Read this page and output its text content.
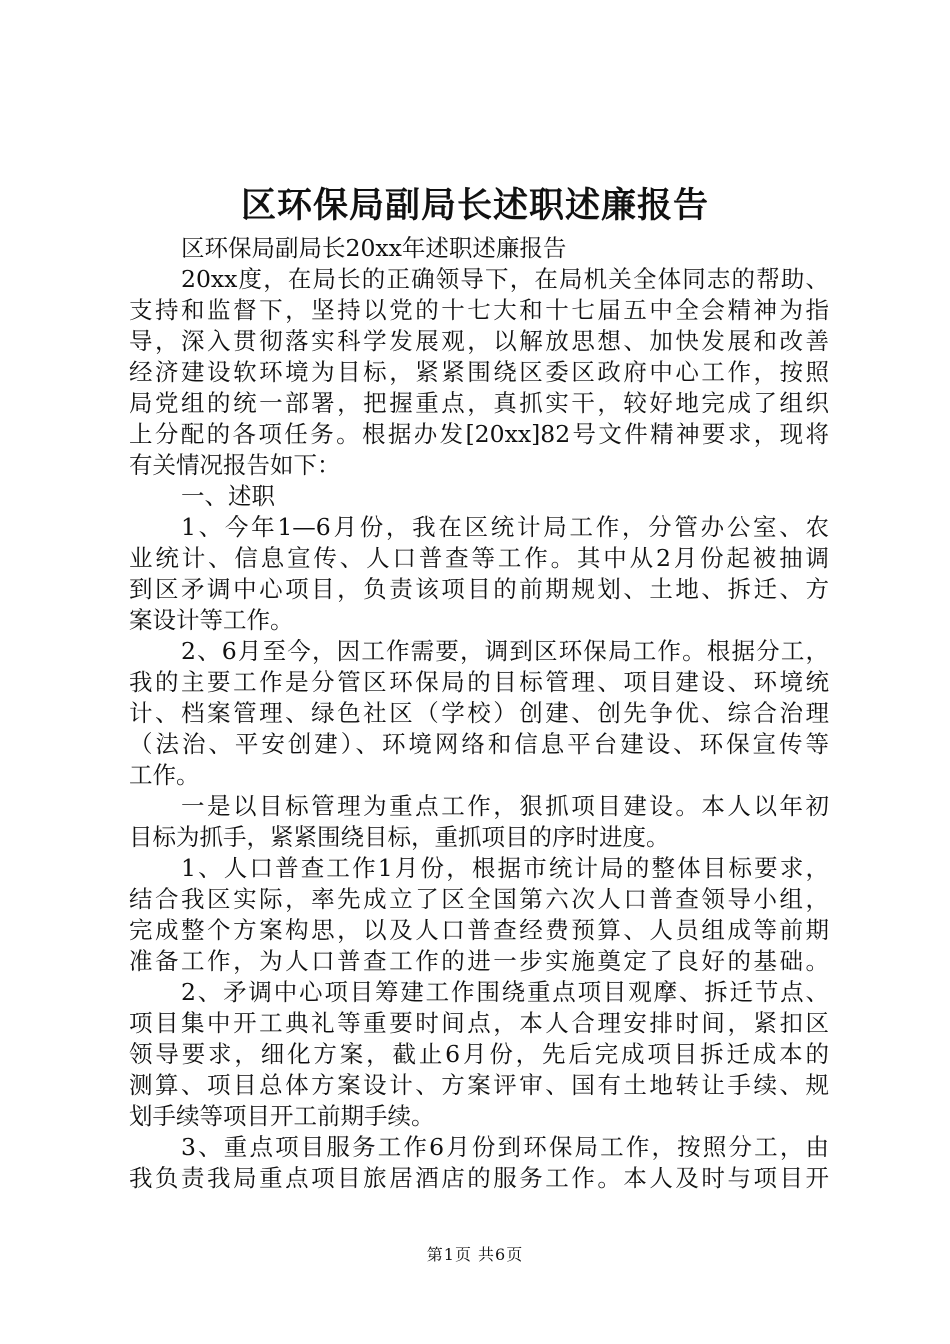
区环保局副局长述职述廉报告
区环保局副局长20xx年述职述廉报告
20xx度，在局长的正确领导下，在局机关全体同志的帮助、
支持和监督下，坚持以党的十七大和十七届五中全会精神为指
导，深入贯彻落实科学发展观，以解放思想、加快发展和改善
经济建设软环境为目标，紧紧围绕区委区政府中心工作，按照
局党组的统一部署，把握重点，真抓实干，较好地完成了组织
上分配的各项任务。根据办发[20xx]82号文件精神要求，现将
有关情况报告如下：
一、述职
1、今年1—6月份，我在区统计局工作，分管办公室、农
业统计、信息宣传、人口普查等工作。其中从2月份起被抽调
到区矛调中心项目，负责该项目的前期规划、土地、拆迁、方
案设计等工作。
2、6月至今，因工作需要，调到区环保局工作。根据分工，
我的主要工作是分管区环保局的目标管理、项目建设、环境统
计、档案管理、绿色社区（学校）创建、创先争优、综合治理
（法治、平安创建）、环境网络和信息平台建设、环保宣传等
工作。
一是以目标管理为重点工作，狠抓项目建设。本人以年初
目标为抓手，紧紧围绕目标，重抓项目的序时进度。
1、人口普查工作1月份，根据市统计局的整体目标要求，
结合我区实际，率先成立了区全国第六次人口普查领导小组，
完成整个方案构思，以及人口普查经费预算、人员组成等前期
准备工作，为人口普查工作的进一步实施奠定了良好的基础。
2、矛调中心项目筹建工作围绕重点项目观摩、拆迁节点、
项目集中开工典礼等重要时间点，本人合理安排时间，紧扣区
领导要求，细化方案，截止6月份，先后完成项目拆迁成本的
测算、项目总体方案设计、方案评审、国有土地转让手续、规
划手续等项目开工前期手续。
3、重点项目服务工作6月份到环保局工作，按照分工，由
我负责我局重点项目旅居酒店的服务工作。本人及时与项目开
第1页 共6页
